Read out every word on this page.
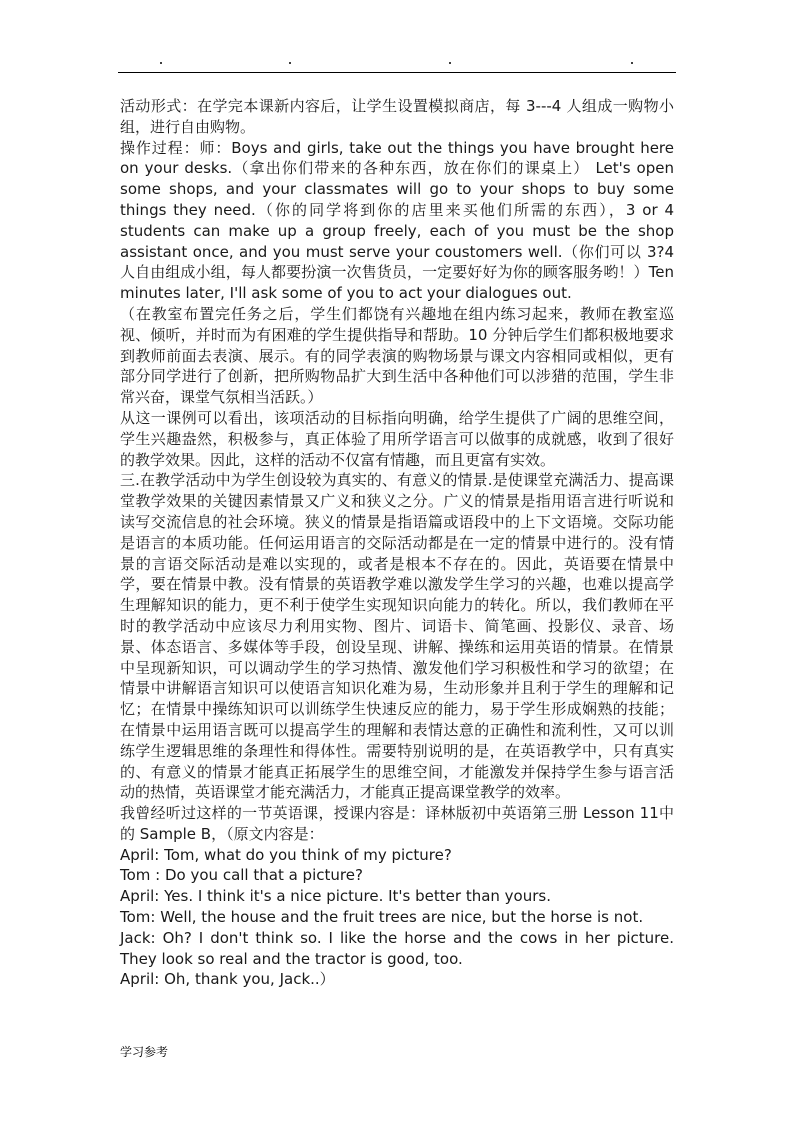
活动形式：在学完本课新内容后，让学生设置模拟商店，每 3---4 人组成一购物小组，进行自由购物。

操作过程：师：Boys and girls, take out the things you have brought here on your desks.（拿出你们带来的各种东西，放在你们的课桌上） Let's open some shops, and your classmates will go to your shops to buy some things they need.（你的同学将到你的店里来买他们所需的东西），3 or 4 students can make up a group freely, each of you must be the shop assistant once, and you must serve your coustomers well.（你们可以 3?4 人自由组成小组，每人都要扮演一次售货员，一定要好好为你的顾客服务哟！）Ten minutes later, I'll ask some of you to act your dialogues out.

（在教室布置完任务之后，学生们都饶有兴趣地在组内练习起来，教师在教室巡视、倾听，并时而为有困难的学生提供指导和帮助。10 分钟后学生们都积极地要求到教师前面去表演、展示。有的同学表演的购物场景与课文内容相同或相似，更有部分同学进行了创新，把所购物品扩大到生活中各种他们可以涉猎的范围，学生非常兴奋，课堂气氛相当活跃。）

从这一课例可以看出，该项活动的目标指向明确，给学生提供了广阔的思维空间，学生兴趣盎然，积极参与，真正体验了用所学语言可以做事的成就感，收到了很好的教学效果。因此，这样的活动不仅富有情趣，而且更富有实效。

三.在教学活动中为学生创设较为真实的、有意义的情景.是使课堂充满活力、提高课堂教学效果的关键因素情景又广义和狭义之分。广义的情景是指用语言进行听说和读写交流信息的社会环境。狭义的情景是指语篇或语段中的上下文语境。交际功能是语言的本质功能。任何运用语言的交际活动都是在一定的情景中进行的。没有情景的言语交际活动是难以实现的，或者是根本不存在的。因此，英语要在情景中学，要在情景中教。没有情景的英语教学难以激发学生学习的兴趣，也难以提高学生理解知识的能力，更不利于使学生实现知识向能力的转化。所以，我们教师在平时的教学活动中应该尽力利用实物、图片、词语卡、简笔画、投影仪、录音、场景、体态语言、多媒体等手段，创设呈现、讲解、操练和运用英语的情景。在情景中呈现新知识，可以调动学生的学习热情、激发他们学习积极性和学习的欲望；在情景中讲解语言知识可以使语言知识化难为易，生动形象并且利于学生的理解和记忆；在情景中操练知识可以训练学生快速反应的能力，易于学生形成娴熟的技能；在情景中运用语言既可以提高学生的理解和表情达意的正确性和流利性，又可以训练学生逻辑思维的条理性和得体性。需要特别说明的是，在英语教学中，只有真实的、有意义的情景才能真正拓展学生的思维空间，才能激发并保持学生参与语言活动的热情，英语课堂才能充满活力，才能真正提高课堂教学的效率。

我曾经听过这样的一节英语课，授课内容是：译林版初中英语第三册 Lesson 11中的 Sample B，（原文内容是：

April: Tom, what do you think of my picture?

Tom : Do you call that a picture?

April: Yes. I think it's a nice picture. It's better than yours.

Tom: Well, the house and the fruit trees are nice, but the horse is not.

Jack: Oh? I don't think so. I like the horse and the cows in her picture. They look so real and the tractor is good, too.

April: Oh, thank you, Jack..）

学习参考
